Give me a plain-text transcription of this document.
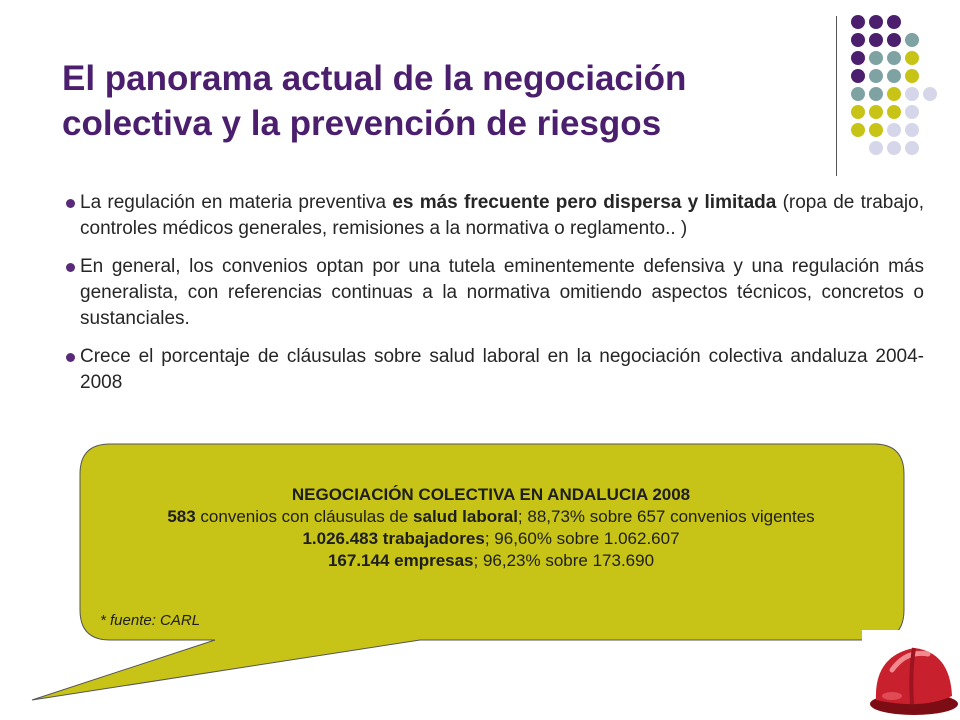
El panorama actual de la negociación
colectiva y la prevención de riesgos
La regulación en materia preventiva es más frecuente pero dispersa y limitada (ropa de trabajo, controles médicos generales, remisiones a la normativa o reglamento.. )
En general, los convenios optan por una tutela eminentemente defensiva y una regulación más generalista, con referencias continuas a la normativa omitiendo aspectos técnicos, concretos o sustanciales.
Crece el porcentaje de cláusulas sobre salud laboral en la negociación colectiva andaluza 2004-2008
NEGOCIACIÓN COLECTIVA EN ANDALUCIA 2008
583 convenios con cláusulas de salud laboral; 88,73% sobre 657 convenios vigentes
1.026.483 trabajadores; 96,60% sobre 1.062.607
167.144 empresas; 96,23% sobre 173.690
* fuente: CARL
